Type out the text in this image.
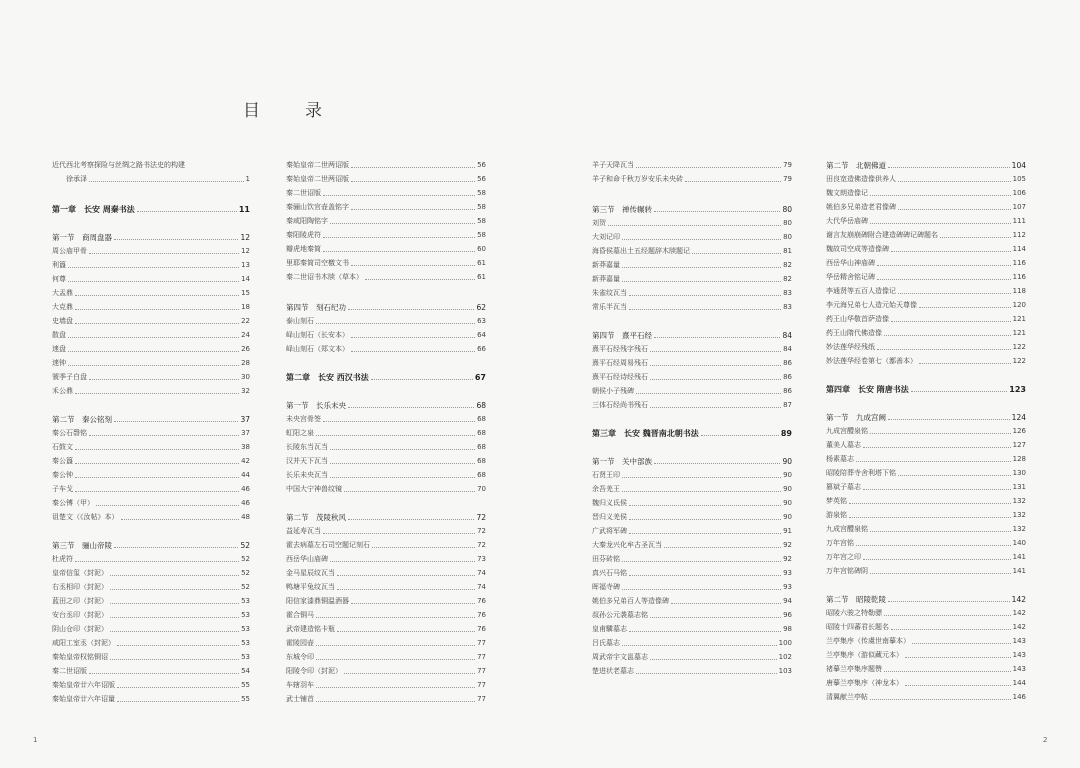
目　录
近代西北考察探险与丝绸之路书法史的构建
　　徐承泽	1
第一章　长安 周秦书法	11
第一节　商周盘器	12
周公庙甲骨	12
利簋	13
何尊	14
大盂鼎	15
大克鼎	18
史墙盘	22
散盘	24
逨盘	26
逨钟	28
虢季子白盘	30
禾公鼎	32
第二节　秦公铭刻	37
秦公石磬铭	37
石鼓文	38
秦公簋	42
秦公钟	44
子车戈	46
秦公镈（甲）	46
诅楚文（《汝帖》本）	48
第三节　骊山帝陵	52
杜虎符	52
皇帝信玺（封泥）	52
右丞相印（封泥）	52
蓝田之印（封泥）	53
安台丞印（封泥）	53
阴山仓印（封泥）	53
咸阳工室丞（封泥）	53
秦始皇帝权铭铜诏	53
秦二世诏版	54
秦始皇帝廿六年诏版	55
秦始皇帝廿六年诏量	55
秦始皇帝二世两诏版	56
秦始皇帝二世两诏版	56
秦二世诏版	58
秦骊山饮官壶盖铭字	58
秦咸阳陶铭字	58
秦阳陵虎符	58
瓣虎地秦简	60
里耶秦简司空檄文书	61
秦二世诏书木牍（草本）	61
第四节　刻石纪功	62
泰山刻石	63
峄山刻石（长安本）	64
峄山刻石（郑文本）	66
第二章　长安 西汉书法	67
第一节　长乐未央	68
未央宫骨签	68
虹阳之泉	68
长陵东当瓦当	68
汉并天下瓦当	68
长乐未央瓦当	68
中国大宁神兽纹镜	70
第二节　茂陵秋风	72
益延寿瓦当	72
霍去病墓左石司空题记刻石	72
西岳华山庙碑	73
金马星辰纹瓦当	74
鸭塘平兔纹瓦当	74
阳信家漆鼎铜温酒器	76
霍合铜马	76
武帝建造铭卡瓶	76
霍陵园壶	77
东城令印	77
阳陵令印（封泥）	77
车辖羽车	77
武士铺首	77
羊子天降瓦当	79
羊子和命千秋万岁安乐未央砖	79
第三节　禅传辗转	80
刘贺	80
大刘记印	80
海昏侯墓出土五经题辞木牍题记	81
新莽嘉量	82
新莽嘉量	82
朱雀纹瓦当	83
常乐半瓦当	83
第四节　熹平石经	84
熹平石经残字残石	84
熹平石经周易残石	86
熹平石经诗经残石	86
朝侯小子残碑	86
三体石经尚书残石	87
第三章　长安 魏晋南北朝书法	89
第一节　关中部族	90
石贤王印	90
余吾羌王	90
魏归义氐侯	90
晋归义羌侯	90
广武将军碑	91
大秦龙兴化牟古圣瓦当	92
田芬砖铭	92
真兴石马铭	93
晖福寺碑	93
姚伯多兄弟百人等造像碑	94
叔孙公元袭墓志铭	96
皇甫驎墓志	98
吕氏墓志	100
周武帝宇文邕墓志	102
楚进状老墓志	103
第二节　北朝佛道	104
田良宽造佛造像供养人	105
魏文朗造像记	106
姚伯多兄弟造老君像碑	107
大代华岳庙碑	111
谢言友崩崩碑附合建造碑碑记碑题名	112
魏故司空成等造像碑	114
西岳华山神庙碑	116
华岳精舍铭记碑	116
李通贤等五百人造像记	118
李元海兄弟七人造元始天尊像	120
药王山华敬首萨造像	121
药王山隋代佛造像	121
妙法莲华经残纸	122
妙法莲华经卷第七（鄯善本）	122
第四章　长安 隋唐书法	123
第一节　九成宫阙	124
九成宫醴泉铭	126
董美人墓志	127
杨素墓志	128
昭陵陪葬寺舍利塔下铭	130
篡斌子墓志	131
梦英铭	132
游泉铭	132
九成宫醴泉铭	132
万年宫铭	140
万年宫之印	141
万年宫铭碑阴	141
第二节　昭陵乾陵	142
昭陵六骏之特勒骠	142
昭陵十四蕃君长题名	142
兰亭集序（传虞世南摹本）	143
兰亭集序（游似藏元本）	143
褚摹兰亭集序题赞	143
唐摹兰亭集序（神龙本）	144
清翼献兰亭帖	146
1	2
